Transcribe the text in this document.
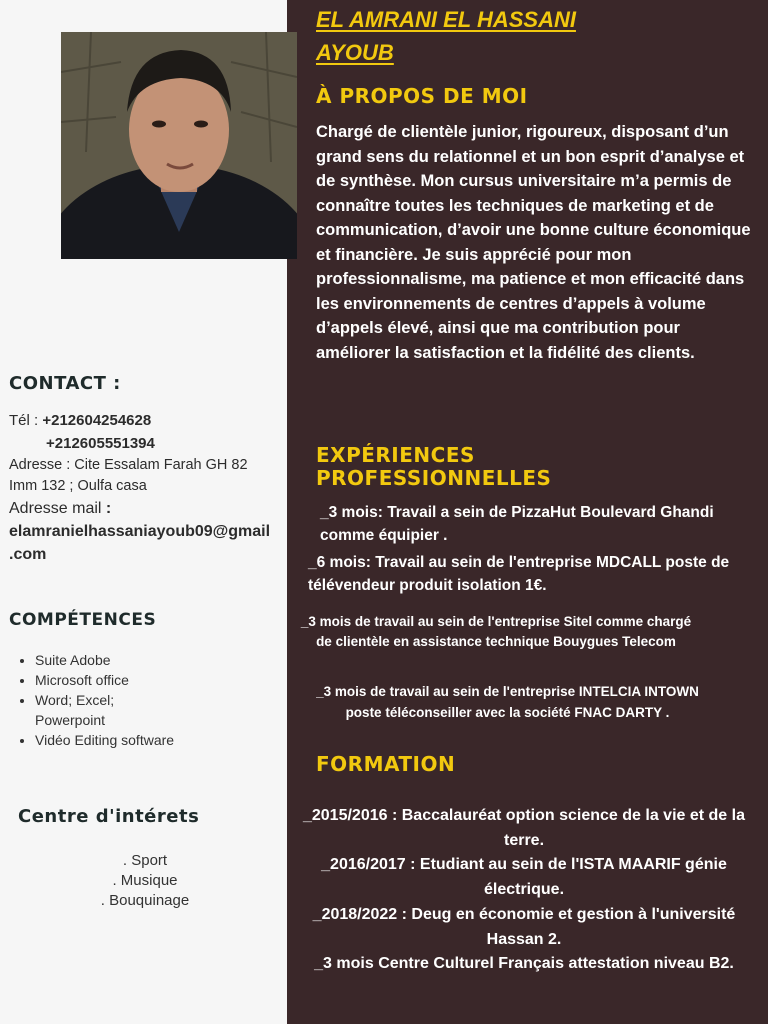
CONTACT :
Tél : +212604254628
+212605551394
Adresse : Cite Essalam Farah GH 82
Imm 132 ; Oulfa casa
Adresse mail :
elamranielhassaniayoub09@gmail
.com
COMPÉTENCES
• Suite Adobe
• Microsoft office
• Word; Excel; Powerpoint
• Vidéo Editing software
Centre d'intérets
. Sport
. Musique
. Bouquinage
EL AMRANI EL HASSANI
AYOUB
À PROPOS DE MOI
Chargé de clientèle junior, rigoureux, disposant d’un grand sens du relationnel et un bon esprit d’analyse et de synthèse. Mon cursus universitaire m’a permis de connaître toutes les techniques de marketing et de communication, d’avoir une bonne culture économique et financière. Je suis apprécié pour mon professionnalisme, ma patience et mon efficacité dans les environnements de centres d’appels à volume d’appels élevé, ainsi que ma contribution pour améliorer la satisfaction et la fidélité des clients.
EXPÉRIENCES
PROFESSIONNELLES
_3 mois: Travail a sein de PizzaHut Boulevard Ghandi comme équipier .
_6 mois: Travail au sein de l'entreprise MDCALL poste de télévendeur produit isolation 1€.
_3 mois de travail au sein de l'entreprise Sitel comme chargé de clientèle en assistance technique Bouygues Telecom
_3 mois de travail au sein de l'entreprise INTELCIA INTOWN poste téléconseiller avec la société FNAC DARTY .
FORMATION
_2015/2016 : Baccalauréat option science de la vie et de la terre.
_2016/2017 : Etudiant au sein de l'ISTA MAARIF génie électrique.
_2018/2022 : Deug en économie et gestion à l'université Hassan 2.
_3 mois Centre Culturel Français attestation niveau B2.
